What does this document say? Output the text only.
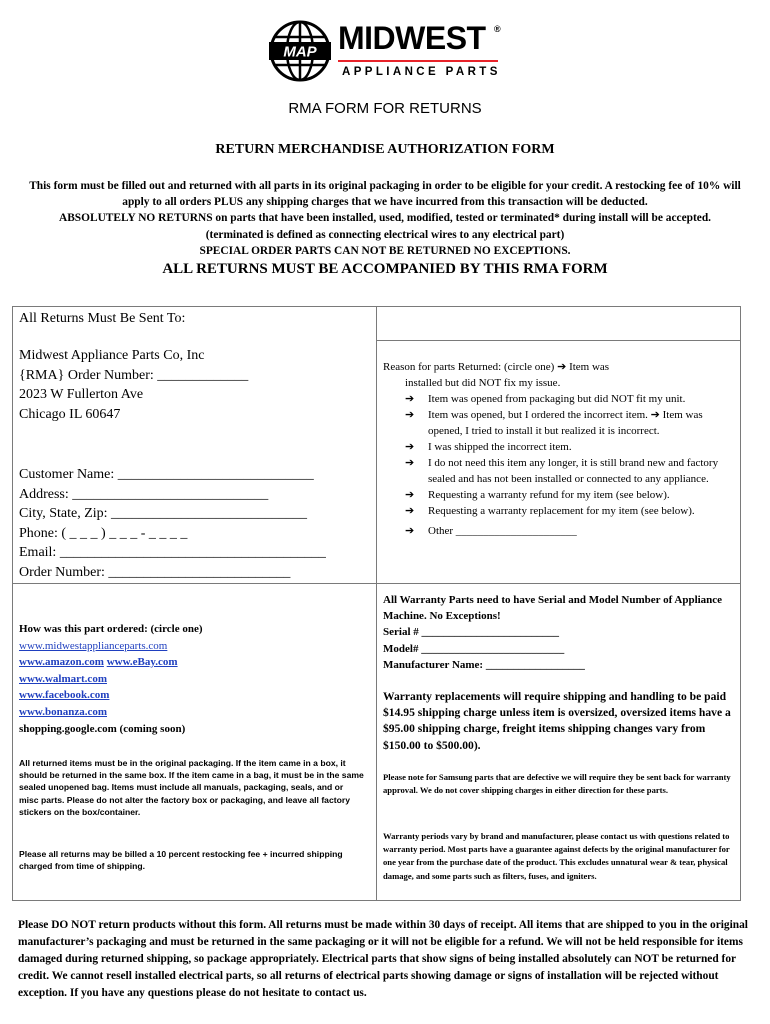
MAP MIDWEST ®
APPLIANCE PARTS
RMA FORM FOR RETURNS
RETURN MERCHANDISE AUTHORIZATION FORM

This form must be filled out and returned with all parts in its original packaging in order to be eligible for your credit. A restocking fee of 10% will apply to all orders PLUS any shipping charges that we have incurred from this transaction will be deducted.

ABSOLUTELY NO RETURNS on parts that have been installed, used, modified, tested or terminated* during install will be accepted.

(terminated is defined as connecting electrical wires to any electrical part)

SPECIAL ORDER PARTS CAN NOT BE RETURNED NO EXCEPTIONS.

ALL RETURNS MUST BE ACCOMPANIED BY THIS RMA FORM
All Returns Must Be Sent To:
Midwest Appliance Parts Co, Inc
{RMA} Order Number: _____________
2023 W Fullerton Ave
Chicago IL 60647
Customer Name: ____________________________
Address: ____________________________
City, State, Zip: ____________________________
Phone: ( _ _ _ ) _ _ _ - _ _ _ _
Email: ______________________________________
Order Number: __________________________

Reason for parts Returned: (circle one) ➔ Item was

installed but did NOT fix my issue.

➔ Item was opened from packaging but did NOT fit my unit.
➔ Item was opened, but I ordered the incorrect item. ➔ Item was opened, I tried to install it but realized it is incorrect.
➔ I was shipped the incorrect item.
➔ I do not need this item any longer, it is still brand new and factory sealed and has not been installed or connected to any appliance.
➔ Requesting a warranty refund for my item (see below).
➔ Requesting a warranty replacement for my item (see below).
➔ Other ______________________
How was this part ordered: (circle one)
www.midwestapplianceparts.com
www.amazon.com www.eBay.com
www.walmart.com
www.facebook.com
www.bonanza.com
shopping.google.com (coming soon)
All returned items must be in the original packaging. If the item came in a box, it should be returned in the same box. If the item came in a bag, it must be in the same sealed unopened bag. Items must include all manuals, packaging, seals, and or misc parts. Please do not alter the factory box or packaging, and leave all factory stickers on the box/container.
Please all returns may be billed a 10 percent restocking fee + incurred shipping charged from time of shipping.

All Warranty Parts need to have Serial and Model Number of Appliance Machine. No Exceptions!

Serial # _________________________

Model# __________________________

Manufacturer Name: __________________

Warranty replacements will require shipping and handling to be paid $14.95 shipping charge unless item is oversized, oversized items have a $95.00 shipping charge, freight items shipping changes vary from $150.00 to $500.00).
Please note for Samsung parts that are defective we will require they be sent back for warranty approval. We do not cover shipping charges in either direction for these parts.
Warranty periods vary by brand and manufacturer, please contact us with questions related to warranty period. Most parts have a guarantee against defects by the original manufacturer for one year from the purchase date of the product. This excludes unnatural wear & tear, physical damage, and some parts such as filters, fuses, and igniters.
Please DO NOT return products without this form. All returns must be made within 30 days of receipt. All items that are shipped to you in the original manufacturer’s packaging and must be returned in the same packaging or it will not be eligible for a refund. We will not be held responsible for items damaged during returned shipping, so package appropriately. Electrical parts that show signs of being installed absolutely can NOT be returned for credit. We cannot resell installed electrical parts, so all returns of electrical parts showing damage or signs of installation will be rejected without exception. If you have any questions please do not hesitate to contact us.
